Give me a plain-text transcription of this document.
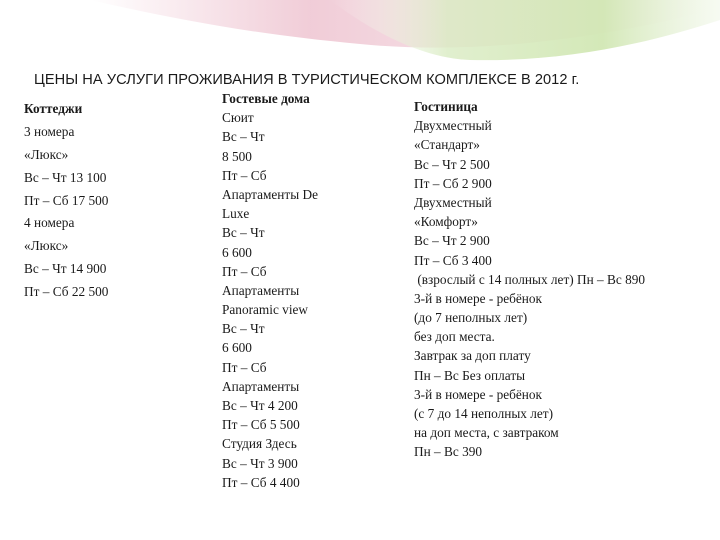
ЦЕНЫ НА УСЛУГИ ПРОЖИВАНИЯ В ТУРИСТИЧЕСКОМ КОМПЛЕКСЕ В 2012 г.
Коттеджи
3 номера
«Люкс»
Вс – Чт 13 100
Пт – Сб 17 500
4 номера
«Люкс»
Вс – Чт 14 900
Пт – Сб 22 500
Гостевые дома
Сюит
Вс – Чт
8 500
Пт – Сб
Апартаменты De
Luxe
Вс – Чт
6 600
Пт – Сб
Апартаменты
Panoramic view
Вс – Чт
6 600
Пт – Сб
Апартаменты
Вс – Чт 4 200
Пт – Сб 5 500
Студия Здесь
Вс – Чт 3 900
Пт – Сб 4 400
Гостиница
Двухместный
«Стандарт»
Вс – Чт 2 500
Пт – Сб 2 900
Двухместный
«Комфорт»
Вс – Чт 2 900
Пт – Сб 3 400
(взрослый с 14 полных лет) Пн – Вс 890
3-й в номере - ребёнок
(до 7 неполных лет)
без доп места.
Завтрак за доп плату
Пн – Вс Без оплаты
3-й в номере - ребёнок
(с 7 до 14 неполных лет)
на доп места, с завтраком
Пн – Вс 390
